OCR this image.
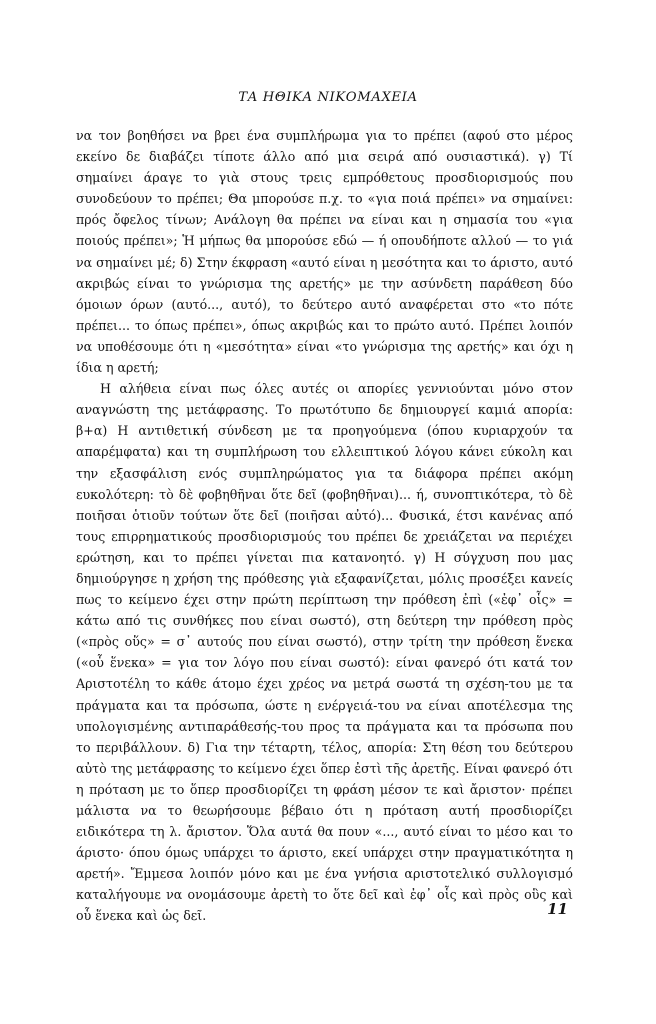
ΤΑ ΗΘΙΚΑ ΝΙΚΟΜΑΧΕΙΑ

να τον βοηθήσει να βρει ένα συμπλήρωμα για το πρέπει (αφού στο μέρος εκείνο δε διαβάζει τίποτε άλλο από μια σειρά από ουσιαστικά). γ) Τί σημαίνει άραγε το γιὰ στους τρεις εμπρόθετους προσδιορισμούς που συνοδεύουν το πρέπει; Θα μπορούσε π.χ. το «για ποιά πρέπει» να σημαίνει: πρός ὄφελος τίνων; Ανάλογη θα πρέπει να είναι και η σημασία του «για ποιούς πρέπει»; Ἡ μήπως θα μπορούσε εδώ — ή οπουδήποτε αλλού — το γιά να σημαίνει μέ; δ) Στην έκφραση «αυτό είναι η μεσότητα και το άριστο, αυτό ακριβώς είναι το γνώρισμα της αρετής» με την ασύνδετη παράθεση δύο όμοιων όρων (αυτό..., αυτό), το δεύτερο αυτό αναφέρεται στο «το πότε πρέπει... το όπως πρέπει», όπως ακριβώς και το πρώτο αυτό. Πρέπει λοιπόν να υποθέσουμε ότι η «μεσότητα» είναι «το γνώρισμα της αρετής» και όχι η ίδια η αρετή;

Η αλήθεια είναι πως όλες αυτές οι απορίες γεννιούνται μόνο στον αναγνώστη της μετάφρασης. Το πρωτότυπο δε δημιουργεί καμιά απορία: β+α) Η αντιθετική σύνδεση με τα προηγούμενα (όπου κυριαρχούν τα απαρέμφατα) και τη συμπλήρωση του ελλειπτικού λόγου κάνει εύκολη και την εξασφάλιση ενός συμπληρώματος για τα διάφορα πρέπει ακόμη ευκολότερη: τὸ δὲ φοβηθῆναι ὅτε δεῖ (φοβηθῆναι)... ή, συνοπτικότερα, τὸ δὲ ποιῆσαι ὁτιοῦν τούτων ὅτε δεῖ (ποιῆσαι αὐτό)... Φυσικά, έτσι κανένας από τους επιρρηματικούς προσδιορισμούς του πρέπει δε χρειάζεται να περιέχει ερώτηση, και το πρέπει γίνεται πια κατανοητό. γ) Η σύγχυση που μας δημιούργησε η χρήση της πρόθεσης γιὰ εξαφανίζεται, μόλις προσέξει κανείς πως το κείμενο έχει στην πρώτη περίπτωση την πρόθεση ἐπὶ («ἐφ᾽ οἷς» = κάτω από τις συνθήκες που είναι σωστό), στη δεύτερη την πρόθεση πρὸς («πρὸς οὕς» = σ᾽ αυτούς που είναι σωστό), στην τρίτη την πρόθεση ἕνεκα («οὗ ἕνεκα» = για τον λόγο που είναι σωστό): είναι φανερό ότι κατά τον Αριστοτέλη το κάθε άτομο έχει χρέος να μετρά σωστά τη σχέση-του με τα πράγματα και τα πρόσωπα, ώστε η ενέργειά-του να είναι αποτέλεσμα της υπολογισμένης αντιπαράθεσής-του προς τα πράγματα και τα πρόσωπα που το περιβάλλουν. δ) Για την τέταρτη, τέλος, απορία: Στη θέση του δεύτερου αὐτὸ της μετάφρασης το κείμενο έχει ὅπερ ἐστὶ τῆς ἀρετῆς. Είναι φανερό ότι η πρόταση με το ὅπερ προσδιορίζει τη φράση μέσον τε καὶ ἄριστον· πρέπει μάλιστα να το θεωρήσουμε βέβαιο ότι η πρόταση αυτή προσδιορίζει ειδικότερα τη λ. ἄριστον. Ὅλα αυτά θα πουν «..., αυτό είναι το μέσο και το άριστο· όπου όμως υπάρχει το άριστο, εκεί υπάρχει στην πραγματικότητα η αρετή». Ἔμμεσα λοιπόν μόνο και με ένα γνήσια αριστοτελικό συλλογισμό καταλήγουμε να ονομάσουμε ἀρετὴ το ὅτε δεῖ καὶ ἐφ᾽ οἷς καὶ πρὸς οὓς καὶ οὗ ἕνεκα καὶ ὡς δεῖ.	11
